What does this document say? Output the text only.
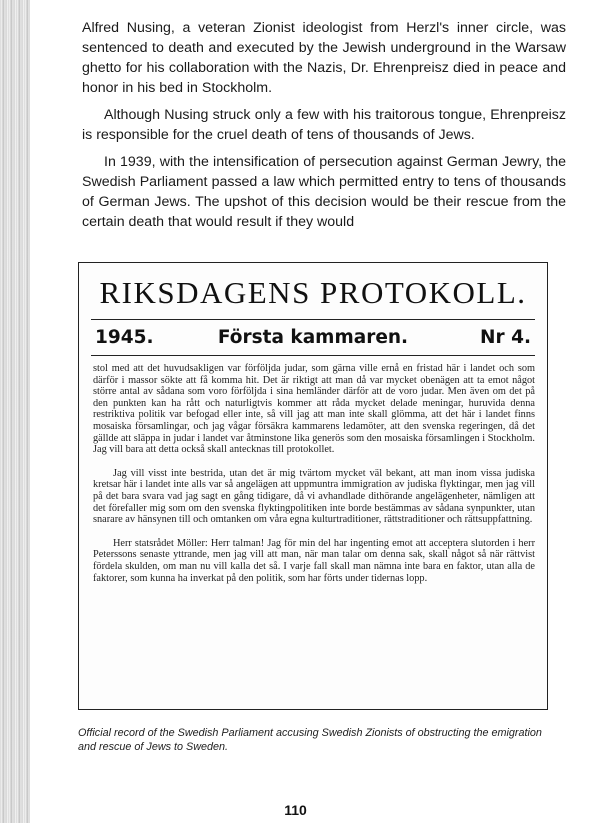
Alfred Nusing, a veteran Zionist ideologist from Herzl's inner circle, was sentenced to death and executed by the Jewish underground in the Warsaw ghetto for his collaboration with the Nazis, Dr. Ehrenpreisz died in peace and honor in his bed in Stockholm.

Although Nusing struck only a few with his traitorous tongue, Ehrenpreisz is responsible for the cruel death of tens of thousands of Jews.

In 1939, with the intensification of persecution against German Jewry, the Swedish Parliament passed a law which permitted entry to tens of thousands of German Jews. The upshot of this decision would be their rescue from the certain death that would result if they would

RIKSDAGENS PROTOKOLL.
1945.	Första kammaren.	Nr 4.

stol med att det huvudsakligen var förföljda judar, som gärna ville ernå en fristad här i landet och som därför i massor sökte att få komma hit. Det är riktigt att man då var mycket obenägen att ta emot något större antal av sådana som voro förföljda i sina hemländer därför att de voro judar. Men även om det på den punkten kan ha rått och naturligtvis kommer att råda mycket delade meningar, huruvida denna restriktiva politik var befogad eller inte, så vill jag att man inte skall glömma, att det här i landet finns mosaiska församlingar, och jag vågar försäkra kammarens ledamöter, att den svenska regeringen, då det gällde att släppa in judar i landet var åtminstone lika generös som den mosaiska församlingen i Stockholm. Jag vill bara att detta också skall antecknas till protokollet.

Jag vill visst inte bestrida, utan det är mig tvärtom mycket väl bekant, att man inom vissa judiska kretsar här i landet inte alls var så angelägen att uppmuntra immigration av judiska flyktingar, men jag vill på det bara svara vad jag sagt en gång tidigare, då vi avhandlade dithörande angelägenheter, nämligen att det förefaller mig som om den svenska flyktingpolitiken inte borde bestämmas av sådana synpunkter, utan snarare av hänsynen till och omtanken om våra egna kulturtraditioner, rättstraditioner och rättsuppfattning.

Herr statsrådet Möller: Herr talman! Jag för min del har ingenting emot att acceptera slutorden i herr Peterssons senaste yttrande, men jag vill att man, när man talar om denna sak, skall något så när rättvist fördela skulden, om man nu vill kalla det så. I varje fall skall man nämna inte bara en faktor, utan alla de faktorer, som kunna ha inverkat på den politik, som har förts under tidernas lopp.

Official record of the Swedish Parliament accusing Swedish Zionists of obstructing the emigration and rescue of Jews to Sweden.
110
